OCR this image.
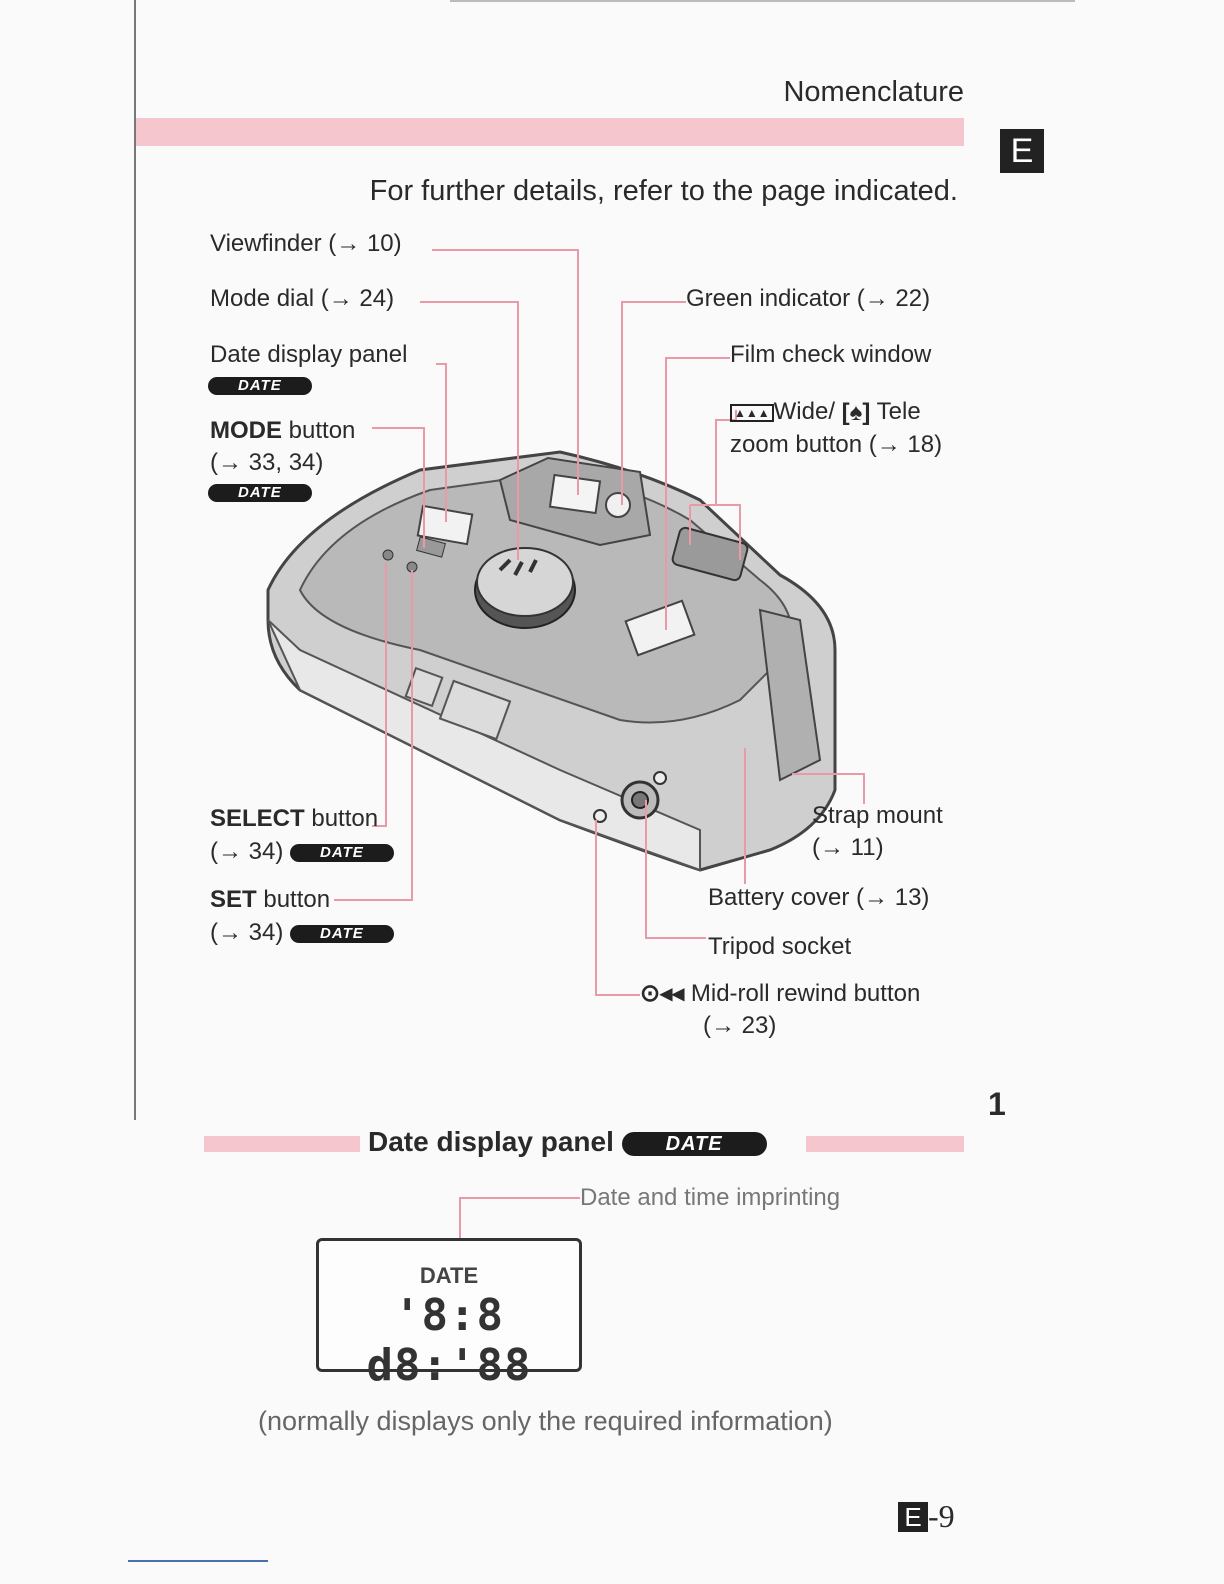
Nomenclature
E
For further details, refer to the page indicated.
Viewfinder (→ 10)
Mode dial (→ 24)
Date display panel
DATE
MODE button
(→ 33, 34)
DATE
SELECT button
(→ 34) DATE
SET button
(→ 34) DATE
Green indicator (→ 22)
Film check window
▲▲▲ Wide/ [♠] Tele
zoom button (→ 18)
Strap mount
(→ 11)
Battery cover (→ 13)
Tripod socket
⊙◂◂ Mid-roll rewind button
(→ 23)
1
Date display panel	DATE
Date and time imprinting
DATE
'8:8 d8:'88
(normally displays only the required information)
E -9
